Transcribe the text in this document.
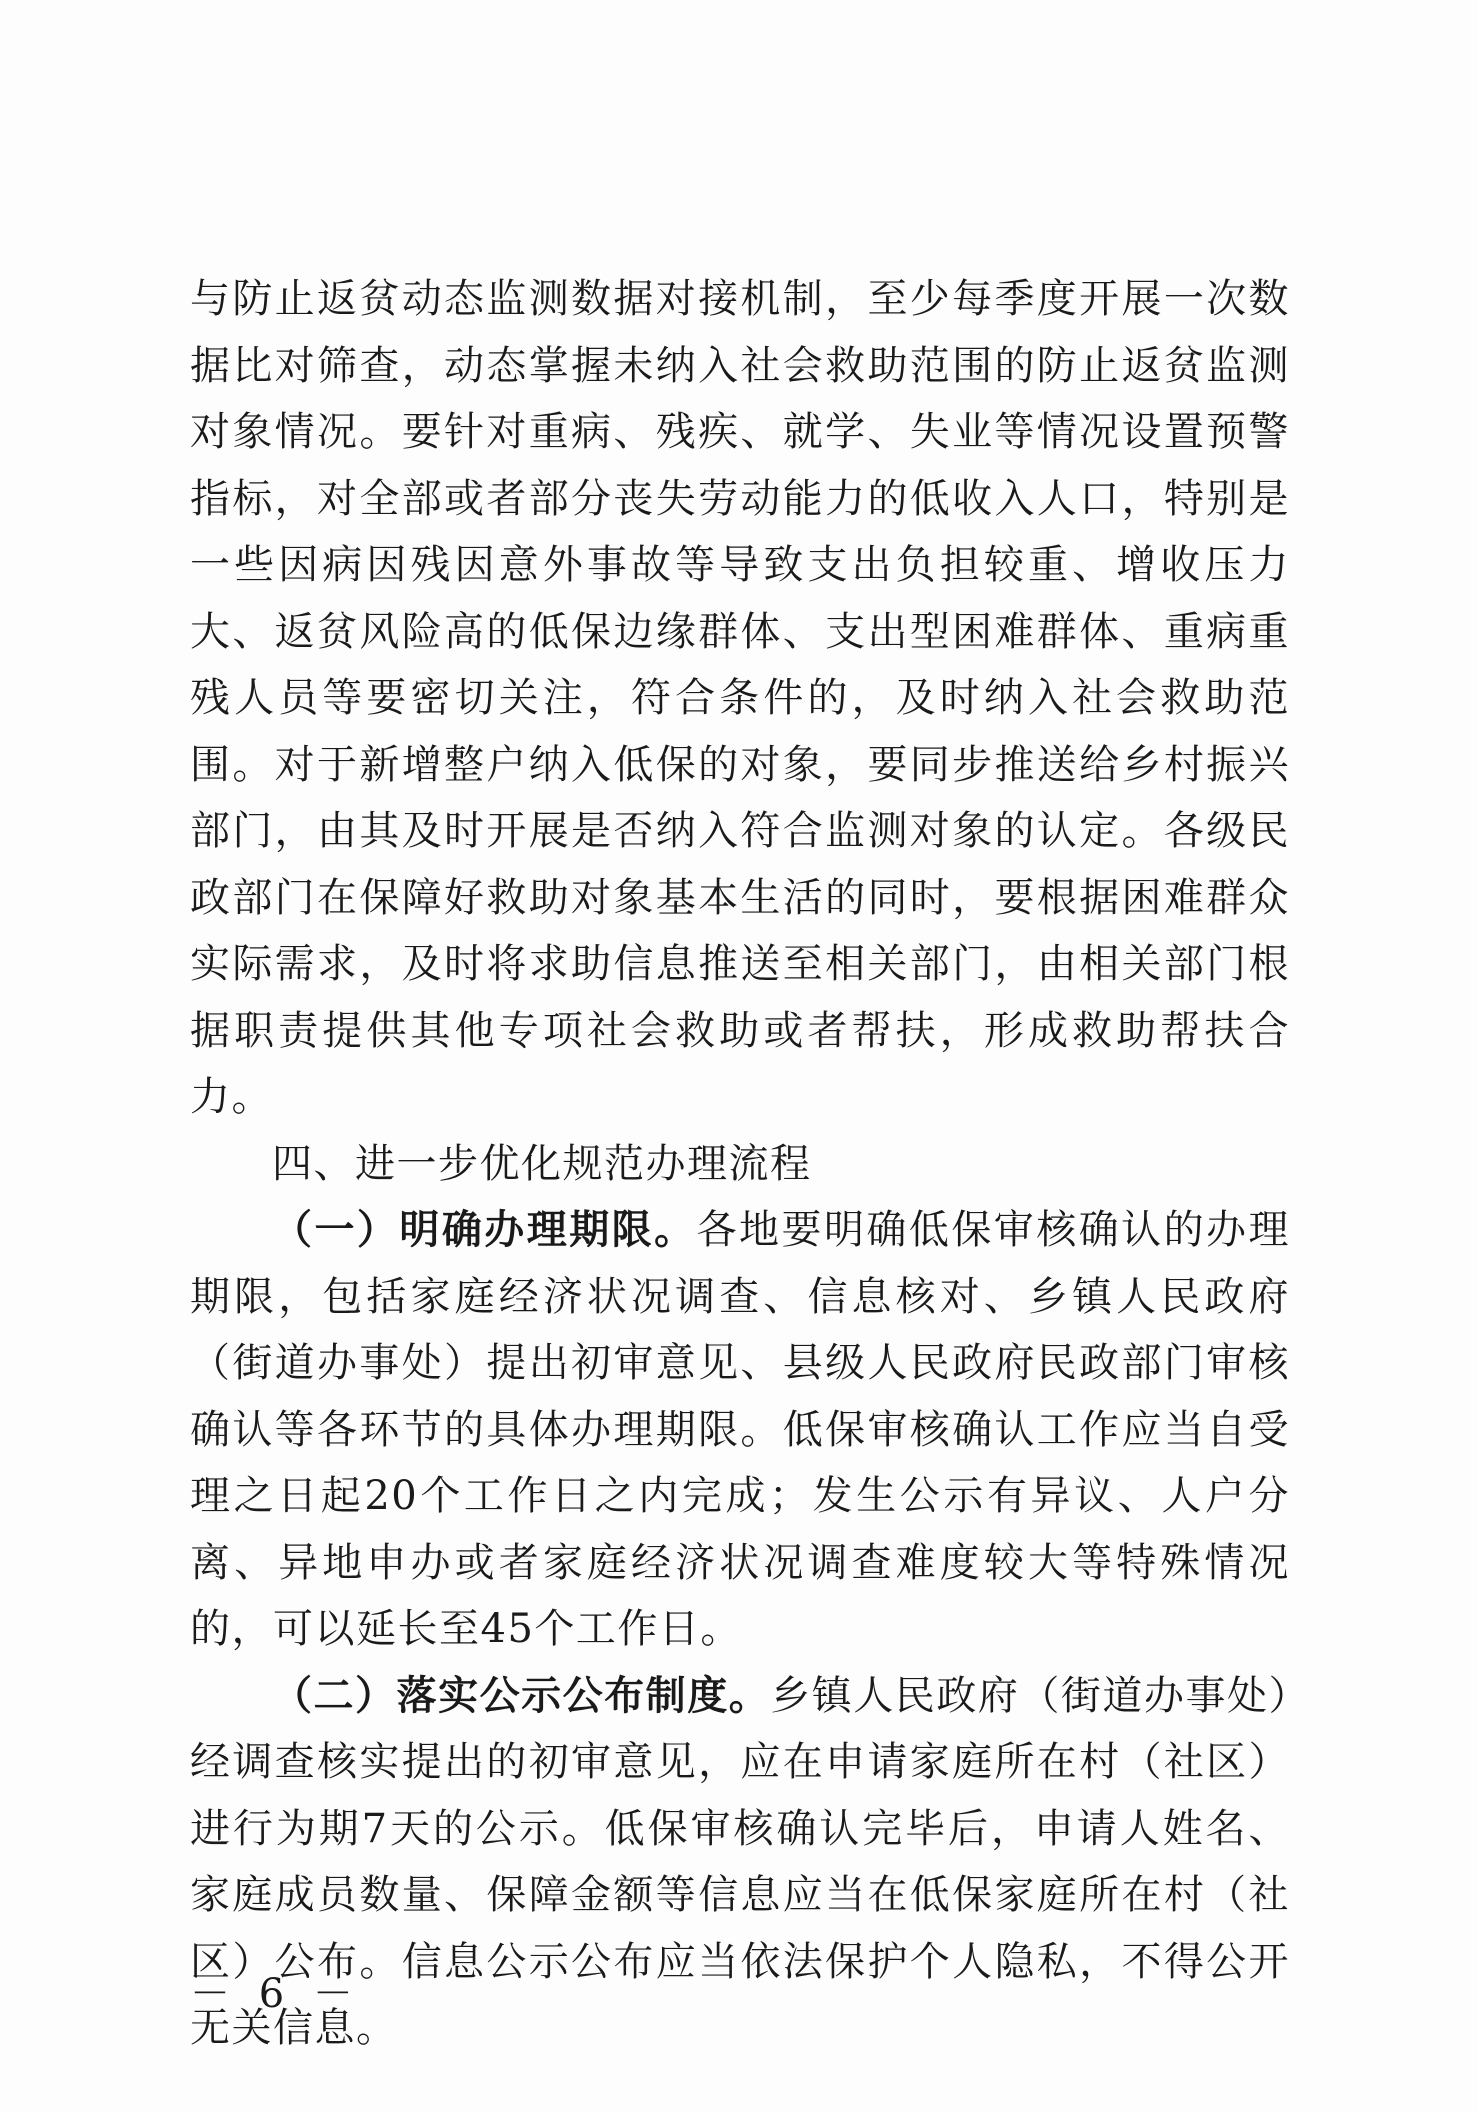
与防止返贫动态监测数据对接机制，至少每季度开展一次数据比对筛查，动态掌握未纳入社会救助范围的防止返贫监测对象情况。要针对重病、残疾、就学、失业等情况设置预警指标，对全部或者部分丧失劳动能力的低收入人口，特别是一些因病因残因意外事故等导致支出负担较重、增收压力大、返贫风险高的低保边缘群体、支出型困难群体、重病重残人员等要密切关注，符合条件的，及时纳入社会救助范围。对于新增整户纳入低保的对象，要同步推送给乡村振兴部门，由其及时开展是否纳入符合监测对象的认定。各级民政部门在保障好救助对象基本生活的同时，要根据困难群众实际需求，及时将求助信息推送至相关部门，由相关部门根据职责提供其他专项社会救助或者帮扶，形成救助帮扶合力。

四、进一步优化规范办理流程

（一）明确办理期限。各地要明确低保审核确认的办理期限，包括家庭经济状况调查、信息核对、乡镇人民政府（街道办事处）提出初审意见、县级人民政府民政部门审核确认等各环节的具体办理期限。低保审核确认工作应当自受理之日起20个工作日之内完成；发生公示有异议、人户分离、异地申办或者家庭经济状况调查难度较大等特殊情况的，可以延长至45个工作日。

（二）落实公示公布制度。乡镇人民政府（街道办事处）经调查核实提出的初审意见，应在申请家庭所在村（社区）进行为期7天的公示。低保审核确认完毕后，申请人姓名、家庭成员数量、保障金额等信息应当在低保家庭所在村（社区）公布。信息公示公布应当依法保护个人隐私，不得公开无关信息。

－ 6 －
